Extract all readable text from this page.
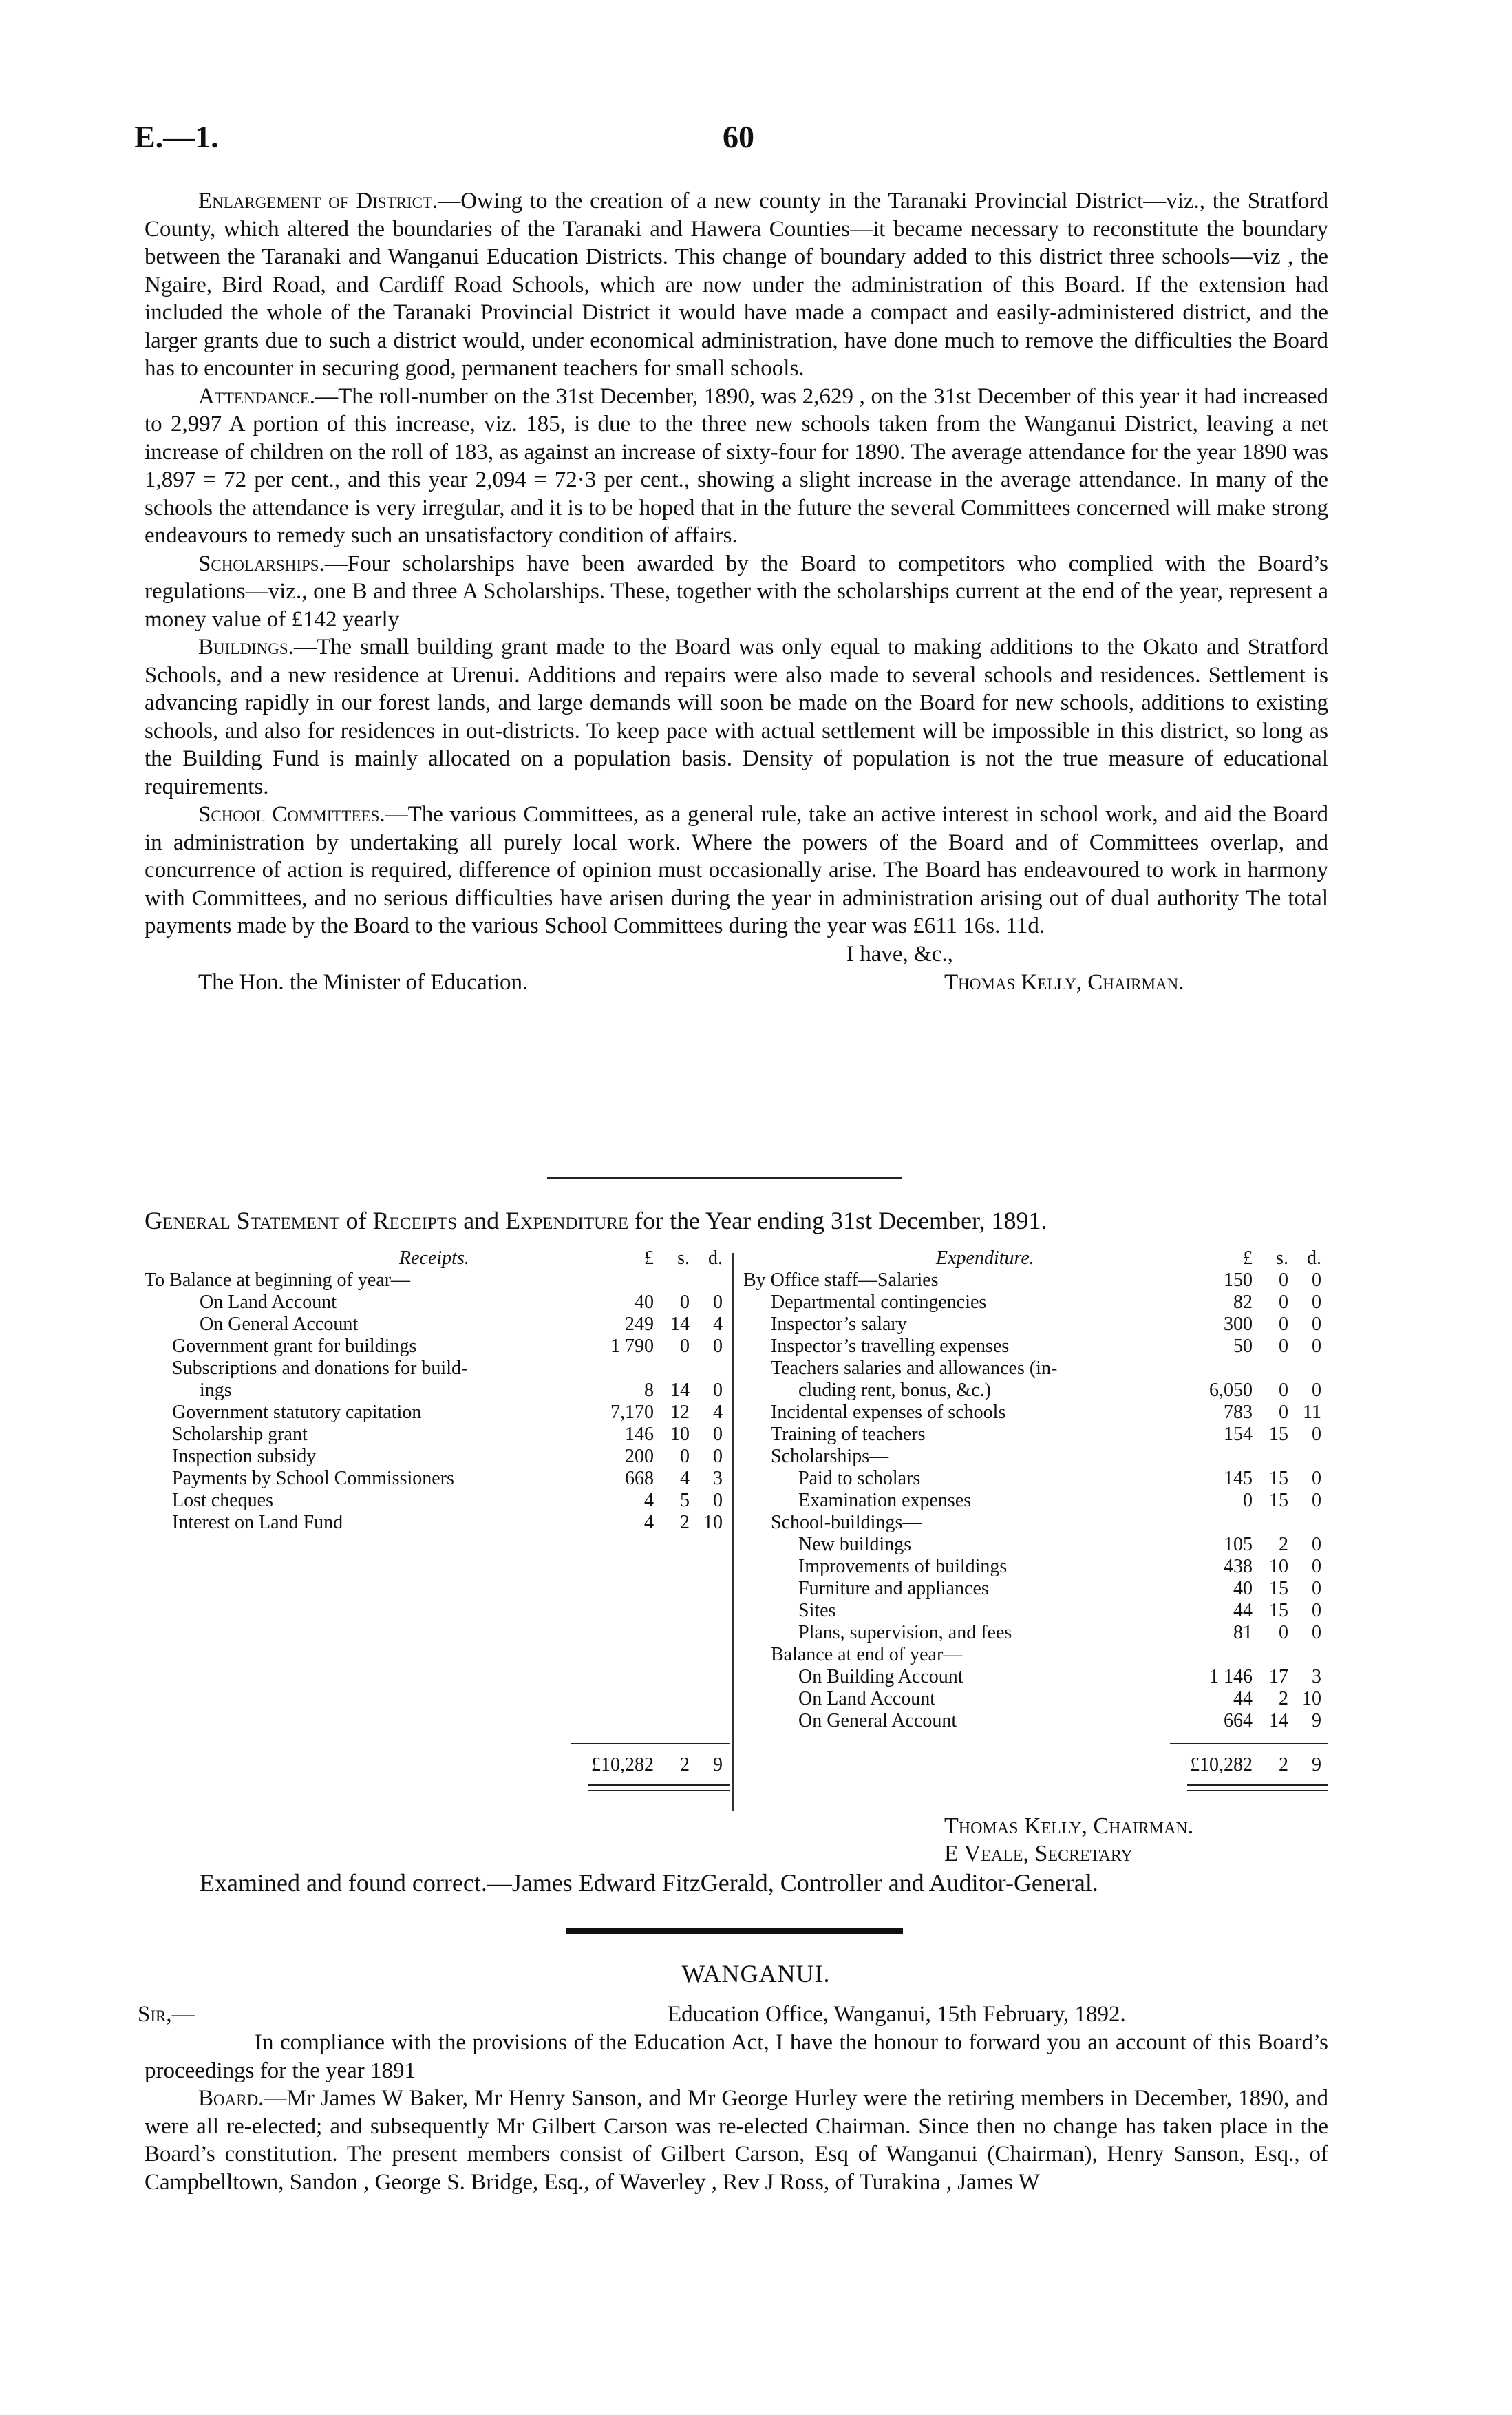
E.—1.	60

Enlargement of District.—Owing to the creation of a new county in the Taranaki Provincial District—viz., the Stratford County, which altered the boundaries of the Taranaki and Hawera Counties—it became necessary to reconstitute the boundary between the Taranaki and Wanganui Education Districts. This change of boundary added to this district three schools—viz , the Ngaire, Bird Road, and Cardiff Road Schools, which are now under the administration of this Board. If the extension had included the whole of the Taranaki Provincial District it would have made a compact and easily-administered district, and the larger grants due to such a district would, under economical administration, have done much to remove the difficulties the Board has to encounter in securing good, permanent teachers for small schools.

Attendance.—The roll-number on the 31st December, 1890, was 2,629 , on the 31st December of this year it had increased to 2,997 A portion of this increase, viz. 185, is due to the three new schools taken from the Wanganui District, leaving a net increase of children on the roll of 183, as against an increase of sixty-four for 1890. The average attendance for the year 1890 was 1,897 = 72 per cent., and this year 2,094 = 72·3 per cent., showing a slight increase in the average attendance. In many of the schools the attendance is very irregular, and it is to be hoped that in the future the several Committees concerned will make strong endeavours to remedy such an unsatisfactory condition of affairs.

Scholarships.—Four scholarships have been awarded by the Board to competitors who complied with the Board’s regulations—viz., one B and three A Scholarships. These, together with the scholarships current at the end of the year, represent a money value of £142 yearly

Buildings.—The small building grant made to the Board was only equal to making additions to the Okato and Stratford Schools, and a new residence at Urenui. Additions and repairs were also made to several schools and residences. Settlement is advancing rapidly in our forest lands, and large demands will soon be made on the Board for new schools, additions to existing schools, and also for residences in out-districts. To keep pace with actual settlement will be impossible in this district, so long as the Building Fund is mainly allocated on a population basis. Density of population is not the true measure of educational requirements.

School Committees.—The various Committees, as a general rule, take an active interest in school work, and aid the Board in administration by undertaking all purely local work. Where the powers of the Board and of Committees overlap, and concurrence of action is required, difference of opinion must occasionally arise. The Board has endeavoured to work in harmony with Committees, and no serious difficulties have arisen during the year in administration arising out of dual authority The total payments made by the Board to the various School Committees during the year was £611 16s. 11d.

I have, &c.,
The Hon. the Minister of Education.	Thomas Kelly, Chairman.
General Statement of Receipts and Expenditure for the Year ending 31st December, 1891.
Receipts.	£ s. d.
To Balance at beginning of year—
On Land Account	40 0 0
On General Account	249 14 4
Government grant for buildings	1 790 0 0
Subscriptions and donations for build-
ings	8 14 0
Government statutory capitation	7,170 12 4
Scholarship grant	146 10 0
Inspection subsidy	200 0 0
Payments by School Commissioners	668 4 3
Lost cheques	4 5 0
Interest on Land Fund	4 2 10
Expenditure.	£ s. d.
By Office staff—Salaries	150 0 0
Departmental contingencies	82 0 0
Inspector’s salary	300 0 0
Inspector’s travelling expenses	50 0 0
Teachers salaries and allowances (in-
cluding rent, bonus, &c.)	6,050 0 0
Incidental expenses of schools	783 0 11
Training of teachers	154 15 0
Scholarships—
Paid to scholars	145 15 0
Examination expenses	0 15 0
School-buildings—
New buildings	105 2 0
Improvements of buildings	438 10 0
Furniture and appliances	40 15 0
Sites	44 15 0
Plans, supervision, and fees	81 0 0
Balance at end of year—
On Building Account	1 146 17 3
On Land Account	44 2 10
On General Account	664 14 9
£10,282 2 9	£10,282 2 9
Thomas Kelly, Chairman.
E Veale, Secretary
Examined and found correct.—James Edward FitzGerald, Controller and Auditor-General.
WANGANUI.
Sir,—	Education Office, Wanganui, 15th February, 1892.

In compliance with the provisions of the Education Act, I have the honour to forward you an account of this Board’s proceedings for the year 1891

Board.—Mr James W Baker, Mr Henry Sanson, and Mr George Hurley were the retiring members in December, 1890, and were all re-elected; and subsequently Mr Gilbert Carson was re-elected Chairman. Since then no change has taken place in the Board’s constitution. The present members consist of Gilbert Carson, Esq of Wanganui (Chairman), Henry Sanson, Esq., of Campbelltown, Sandon , George S. Bridge, Esq., of Waverley , Rev J Ross, of Turakina , James W
